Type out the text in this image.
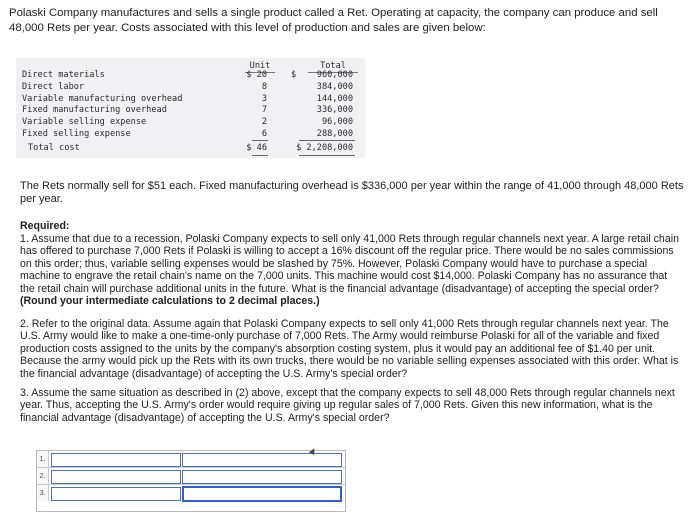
Polaski Company manufactures and sells a single product called a Ret. Operating at capacity, the company can produce and sell 48,000 Rets per year. Costs associated with this level of production and sales are given below:
Unit	Total
Direct materials	$ 20	$	960,000
Direct labor	8	384,000
Variable manufacturing overhead	3	144,000
Fixed manufacturing overhead	7	336,000
Variable selling expense	2	96,000
Fixed selling expense	6	288,000
Total cost	$ 46	$ 2,208,000
The Rets normally sell for $51 each. Fixed manufacturing overhead is $336,000 per year within the range of 41,000 through 48,000 Rets per year.
Required:
1. Assume that due to a recession, Polaski Company expects to sell only 41,000 Rets through regular channels next year. A large retail chain has offered to purchase 7,000 Rets if Polaski is willing to accept a 16% discount off the regular price. There would be no sales commissions on this order; thus, variable selling expenses would be slashed by 75%. However, Polaski Company would have to purchase a special machine to engrave the retail chain's name on the 7,000 units. This machine would cost $14,000. Polaski Company has no assurance that the retail chain will purchase additional units in the future. What is the financial advantage (disadvantage) of accepting the special order? (Round your intermediate calculations to 2 decimal places.)
2. Refer to the original data. Assume again that Polaski Company expects to sell only 41,000 Rets through regular channels next year. The U.S. Army would like to make a one-time-only purchase of 7,000 Rets. The Army would reimburse Polaski for all of the variable and fixed production costs assigned to the units by the company's absorption costing system, plus it would pay an additional fee of $1.40 per unit. Because the army would pick up the Rets with its own trucks, there would be no variable selling expenses associated with this order. What is the financial advantage (disadvantage) of accepting the U.S. Army's special order?
3. Assume the same situation as described in (2) above, except that the company expects to sell 48,000 Rets through regular channels next year. Thus, accepting the U.S. Army's order would require giving up regular sales of 7,000 Rets. Given this new information, what is the financial advantage (disadvantage) of accepting the U.S. Army's special order?
1.
2.
3.
